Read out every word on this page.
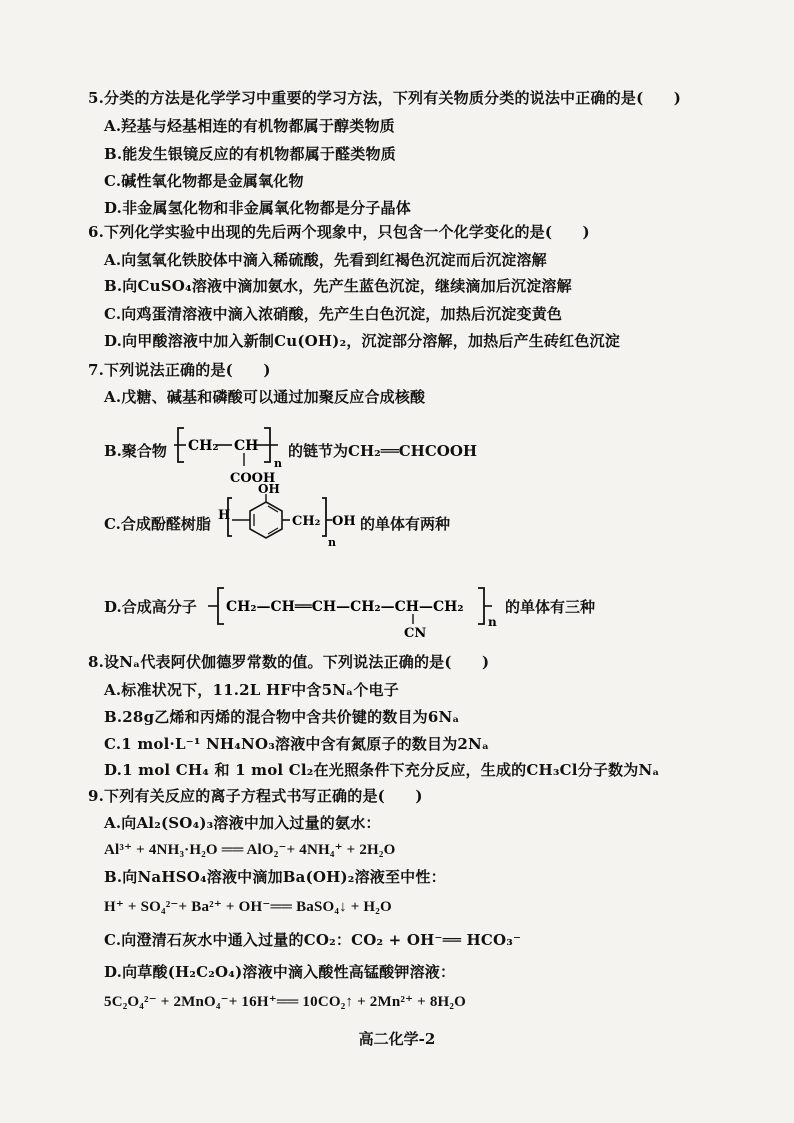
5.分类的方法是化学学习中重要的学习方法，下列有关物质分类的说法中正确的是(　　)
A.羟基与烃基相连的有机物都属于醇类物质
B.能发生银镜反应的有机物都属于醛类物质
C.碱性氧化物都是金属氧化物
D.非金属氢化物和非金属氧化物都是分子晶体
6.下列化学实验中出现的先后两个现象中，只包含一个化学变化的是(　　)
A.向氢氧化铁胶体中滴入稀硫酸，先看到红褐色沉淀而后沉淀溶解
B.向CuSO₄溶液中滴加氨水，先产生蓝色沉淀，继续滴加后沉淀溶解
C.向鸡蛋清溶液中滴入浓硝酸，先产生白色沉淀，加热后沉淀变黄色
D.向甲酸溶液中加入新制Cu(OH)₂，沉淀部分溶解，加热后产生砖红色沉淀
7.下列说法正确的是(　　)
A.戊糖、碱基和磷酸可以通过加聚反应合成核酸
B.聚合物 CH₂ CH
COOH
n
的链节为CH₂══CHCOOH
C.合成酚醛树脂 H
OH
CH₂ OH
n
的单体有两种
D.合成高分子 CH₂—CH══CH—CH₂—CH—CH₂
CN
n
的单体有三种
8.设Nₐ代表阿伏伽德罗常数的值。下列说法正确的是(　　)
A.标准状况下，11.2L HF中含5Nₐ个电子
B.28g乙烯和丙烯的混合物中含共价键的数目为6Nₐ
C.1 mol·L⁻¹ NH₄NO₃溶液中含有氮原子的数目为2Nₐ
D.1 mol CH₄ 和 1 mol Cl₂在光照条件下充分反应，生成的CH₃Cl分子数为Nₐ
9.下列有关反应的离子方程式书写正确的是(　　)
A.向Al₂(SO₄)₃溶液中加入过量的氨水：
Al³⁺ + 4NH₃·H₂O ══ AlO₂⁻+ 4NH₄⁺ + 2H₂O
B.向NaHSO₄溶液中滴加Ba(OH)₂溶液至中性：
H⁺ + SO₄²⁻+ Ba²⁺ + OH⁻══ BaSO₄↓ + H₂O
C.向澄清石灰水中通入过量的CO₂：CO₂ + OH⁻══ HCO₃⁻
D.向草酸(H₂C₂O₄)溶液中滴入酸性高锰酸钾溶液：
5C₂O₄²⁻ + 2MnO₄⁻+ 16H⁺══ 10CO₂↑ + 2Mn²⁺ + 8H₂O
高二化学-2
